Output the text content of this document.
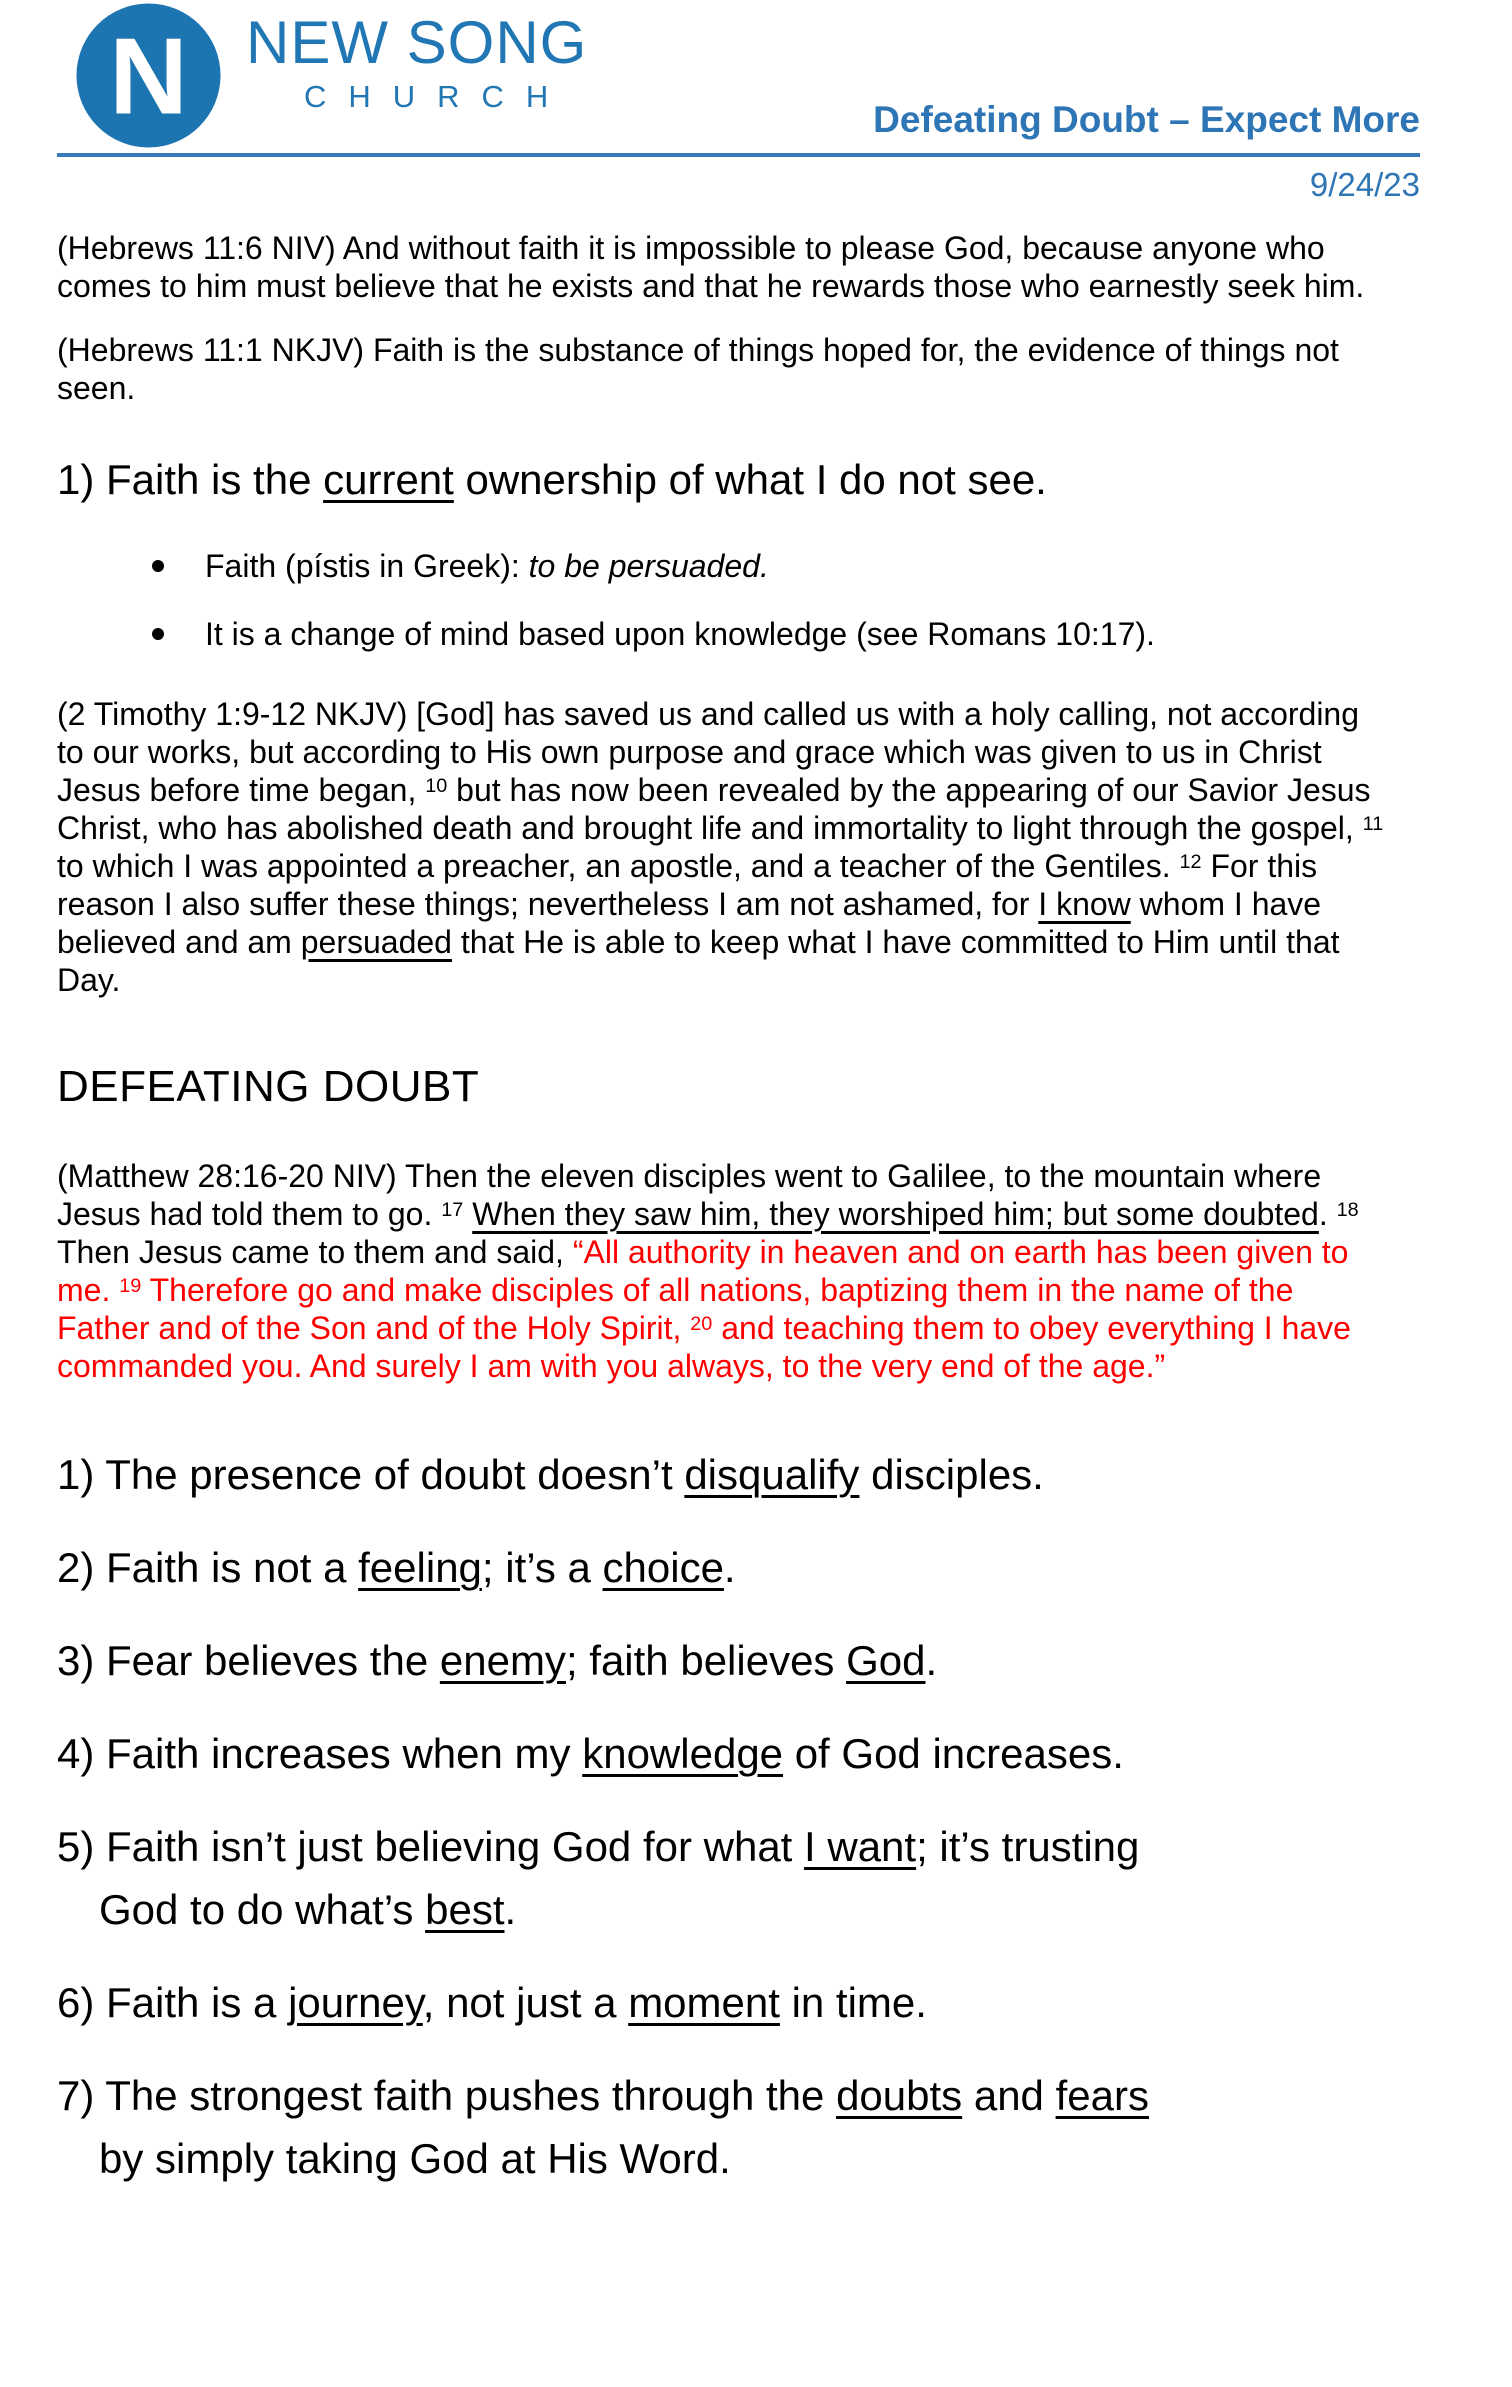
N NEW SONG
CHURCH
Defeating Doubt – Expect More
9/24/23

(Hebrews 11:6 NIV) And without faith it is impossible to please God, because anyone who comes to him must believe that he exists and that he rewards those who earnestly seek him.

(Hebrews 11:1 NKJV) Faith is the substance of things hoped for, the evidence of things not seen.

1) Faith is the current ownership of what I do not see.
Faith (pístis in Greek): to be persuaded.
It is a change of mind based upon knowledge (see Romans 10:17).

(2 Timothy 1:9-12 NKJV) [God] has saved us and called us with a holy calling, not according to our works, but according to His own purpose and grace which was given to us in Christ Jesus before time began, $^{10}$ but has now been revealed by the appearing of our Savior Jesus Christ, who has abolished death and brought life and immortality to light through the gospel, $^{11}$ to which I was appointed a preacher, an apostle, and a teacher of the Gentiles. $^{12}$ For this reason I also suffer these things; nevertheless I am not ashamed, for I know whom I have believed and am persuaded that He is able to keep what I have committed to Him until that Day.

DEFEATING DOUBT

(Matthew 28:16-20 NIV) Then the eleven disciples went to Galilee, to the mountain where Jesus had told them to go. $^{17}$ When they saw him, they worshiped him; but some doubted. $^{18}$ Then Jesus came to them and said, “All authority in heaven and on earth has been given to me. $^{19}$ Therefore go and make disciples of all nations, baptizing them in the name of the Father and of the Son and of the Holy Spirit, $^{20}$ and teaching them to obey everything I have commanded you. And surely I am with you always, to the very end of the age.”

1) The presence of doubt doesn’t disqualify disciples.
2) Faith is not a feeling; it’s a choice.
3) Fear believes the enemy; faith believes God.
4) Faith increases when my knowledge of God increases.
5) Faith isn’t just believing God for what I want; it’s trusting
God to do what’s best.
6) Faith is a journey, not just a moment in time.
7) The strongest faith pushes through the doubts and fears
by simply taking God at His Word.
